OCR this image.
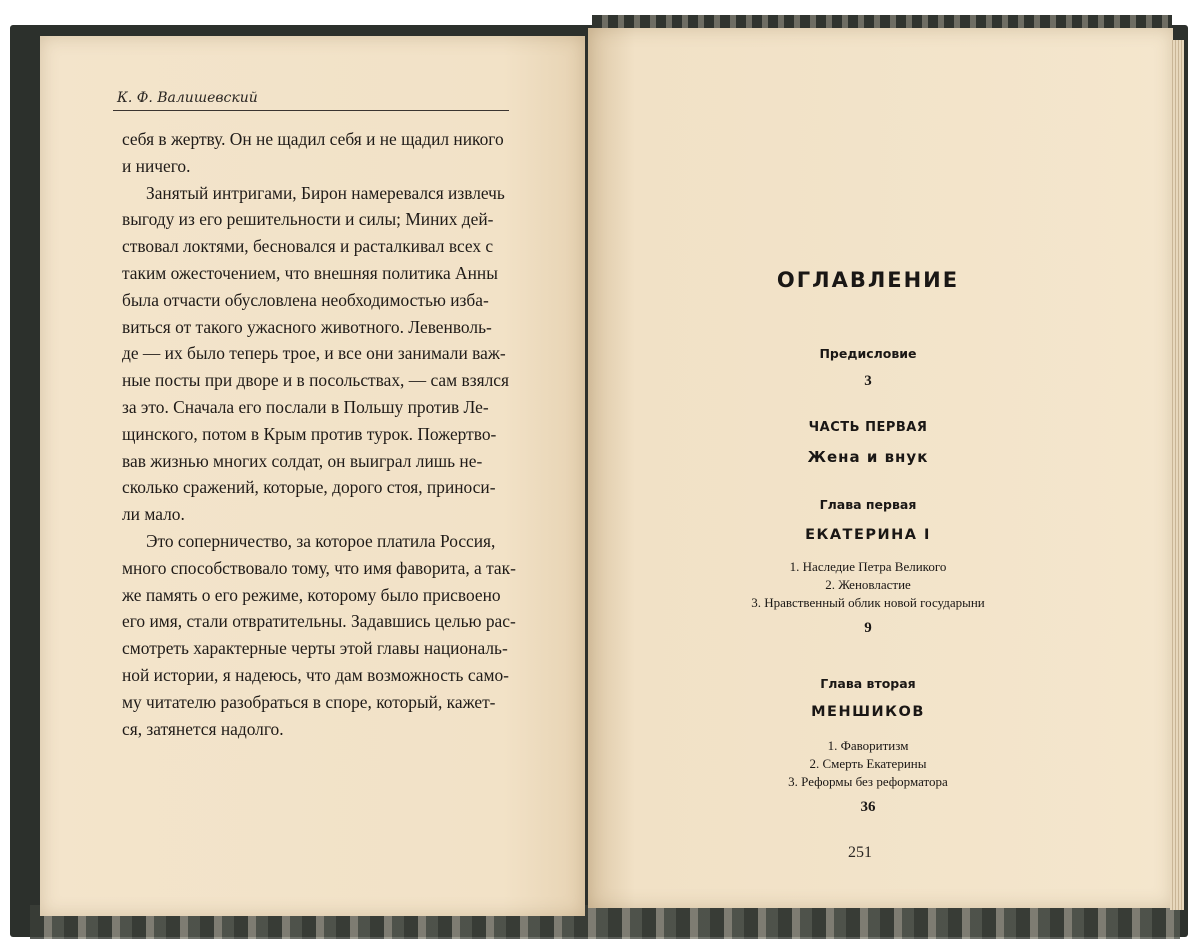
К. Ф. Валишевский
себя в жертву. Он не щадил себя и не щадил никого
и ничего.
Занятый интригами, Бирон намеревался извлечь
выгоду из его решительности и силы; Миних дей-
ствовал локтями, бесновался и расталкивал всех с
таким ожесточением, что внешняя политика Анны
была отчасти обусловлена необходимостью изба-
виться от такого ужасного животного. Левенволь-
де — их было теперь трое, и все они занимали важ-
ные посты при дворе и в посольствах, — сам взялся
за это. Сначала его послали в Польшу против Ле-
щинского, потом в Крым против турок. Пожертво-
вав жизнью многих солдат, он выиграл лишь не-
сколько сражений, которые, дорого стоя, приноси-
ли мало.
Это соперничество, за которое платила Россия,
много способствовало тому, что имя фаворита, а так-
же память о его режиме, которому было присвоено
его имя, стали отвратительны. Задавшись целью рас-
смотреть характерные черты этой главы националь-
ной истории, я надеюсь, что дам возможность само-
му читателю разобраться в споре, который, кажет-
ся, затянется надолго.
ОГЛАВЛЕНИЕ
Предисловие
3
ЧАСТЬ ПЕРВАЯ
Жена и внук
Глава первая
ЕКАТЕРИНА I
1. Наследие Петра Великого
2. Женовластие
3. Нравственный облик новой государыни
9
Глава вторая
МЕНШИКОВ
1. Фаворитизм
2. Смерть Екатерины
3. Реформы без реформатора
36
251
